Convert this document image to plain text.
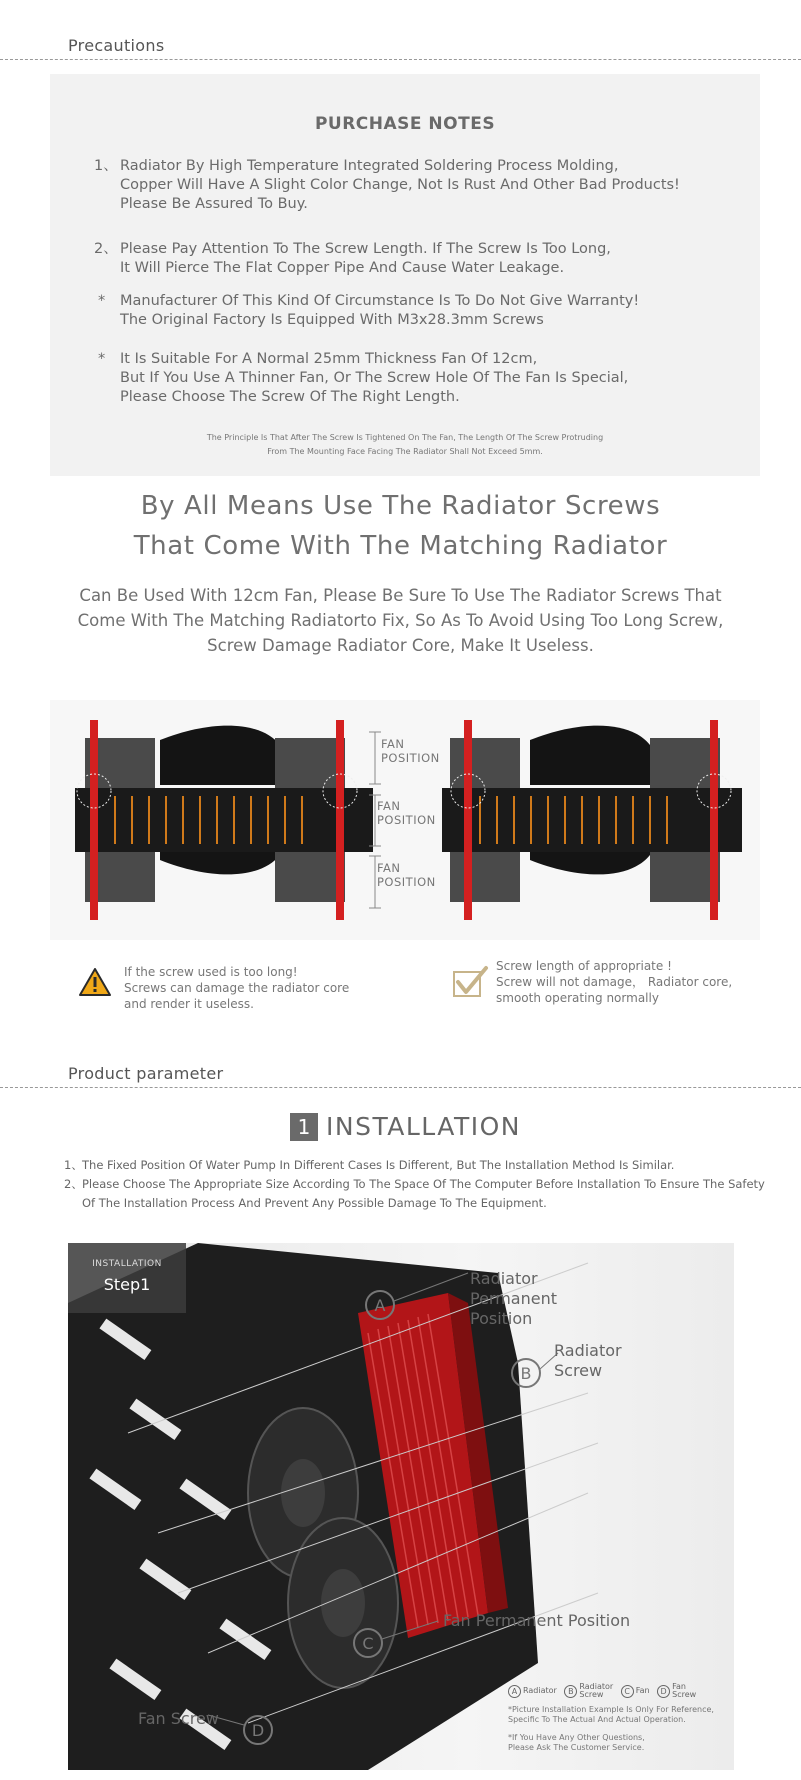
Precautions
PURCHASE NOTES
1、 Radiator By High Temperature Integrated Soldering Process Molding,
Copper Will Have A Slight Color Change, Not Is Rust And Other Bad Products!
Please Be Assured To Buy.
2、 Please Pay Attention To The Screw Length. If The Screw Is Too Long,
It Will Pierce The Flat Copper Pipe And Cause Water Leakage.
* Manufacturer Of This Kind Of Circumstance Is To Do Not Give Warranty!
The Original Factory Is Equipped With M3x28.3mm Screws
* It Is Suitable For A Normal 25mm Thickness Fan Of 12cm,
But If You Use A Thinner Fan, Or The Screw Hole Of The Fan Is Special,
Please Choose The Screw Of The Right Length.
The Principle Is That After The Screw Is Tightened On The Fan, The Length Of The Screw Protruding
From The Mounting Face Facing The Radiator Shall Not Exceed 5mm.
By All Means Use The Radiator Screws
That Come With The Matching Radiator
Can Be Used With 12cm Fan, Please Be Sure To Use The Radiator Screws That
Come With The Matching Radiatorto Fix, So As To Avoid Using Too Long Screw,
Screw Damage Radiator Core, Make It Useless.
FAN
POSITION
FAN
POSITION
FAN
POSITION
If the screw used is too long!
Screws can damage the radiator core
and render it useless.
Screw length of appropriate !
Screw will not damage， Radiator core,
smooth operating normally
Product parameter
1 INSTALLATION
1、 The Fixed Position Of Water Pump In Different Cases Is Different, But The Installation Method Is Similar.
2、 Please Choose The Appropriate Size According To The Space Of The Computer Before Installation To Ensure The Safety
Of The Installation Process And Prevent Any Possible Damage To The Equipment.
A
B
C
D
INSTALLATION
Step1	Radiator
Permanent
Position
Radiator
Screw
Fan Permanent Position
Fan Screw
A Radiator B Radiator
Screw	C Fan D Fan
Screw
*Picture Installation Example Is Only For Reference,
Specific To The Actual And Actual Operation.
*If You Have Any Other Questions,
Please Ask The Customer Service.
